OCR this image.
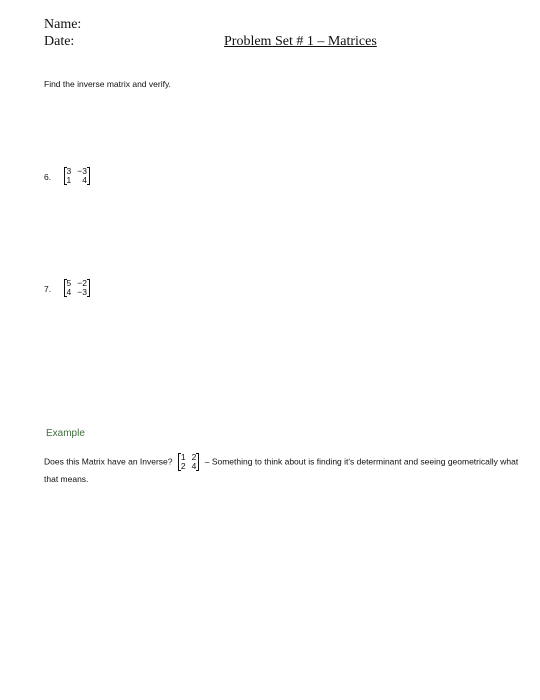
Name:
Date:	Problem Set # 1 – Matrices
Find the inverse matrix and verify.
6.
3 −3
1	4
7.
5 −2
4 −3
Example
Does this Matrix have an Inverse? 1 2
2 4 – Something to think about is finding it's determinant and seeing geometrically what that means.
